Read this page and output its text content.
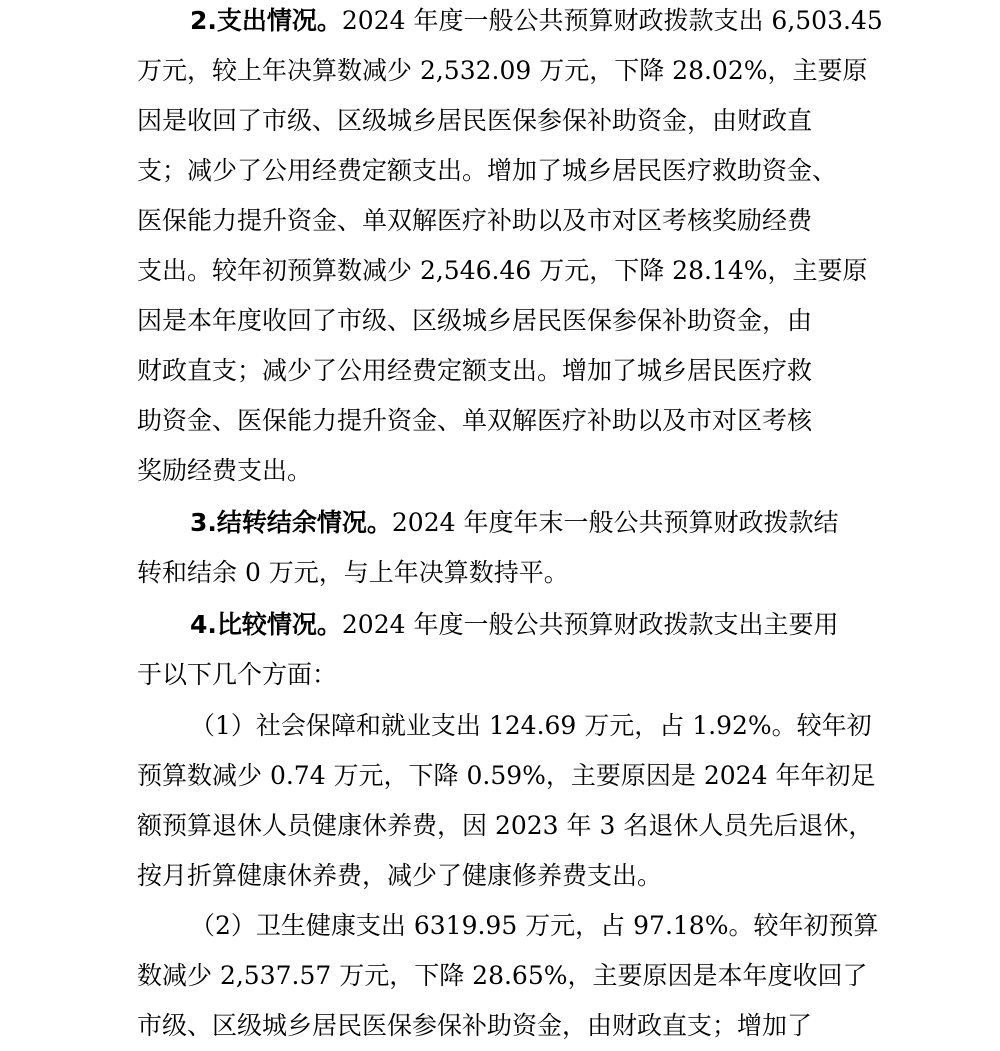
2.支出情况。2024 年度一般公共预算财政拨款支出 6,503.45
万元，较上年决算数减少 2,532.09 万元，下降 28.02%，主要原
因是收回了市级、区级城乡居民医保参保补助资金，由财政直
支；减少了公用经费定额支出。增加了城乡居民医疗救助资金、
医保能力提升资金、单双解医疗补助以及市对区考核奖励经费
支出。较年初预算数减少 2,546.46 万元，下降 28.14%，主要原
因是本年度收回了市级、区级城乡居民医保参保补助资金，由
财政直支；减少了公用经费定额支出。增加了城乡居民医疗救
助资金、医保能力提升资金、单双解医疗补助以及市对区考核
奖励经费支出。
3.结转结余情况。2024 年度年末一般公共预算财政拨款结
转和结余 0 万元，与上年决算数持平。
4.比较情况。2024 年度一般公共预算财政拨款支出主要用
于以下几个方面：
（1）社会保障和就业支出 124.69 万元，占 1.92%。较年初
预算数减少 0.74 万元，下降 0.59%，主要原因是 2024 年年初足
额预算退休人员健康休养费，因 2023 年 3 名退休人员先后退休，
按月折算健康休养费，减少了健康修养费支出。
（2）卫生健康支出 6319.95 万元，占 97.18%。较年初预算
数减少 2,537.57 万元，下降 28.65%，主要原因是本年度收回了
市级、区级城乡居民医保参保补助资金，由财政直支；增加了
